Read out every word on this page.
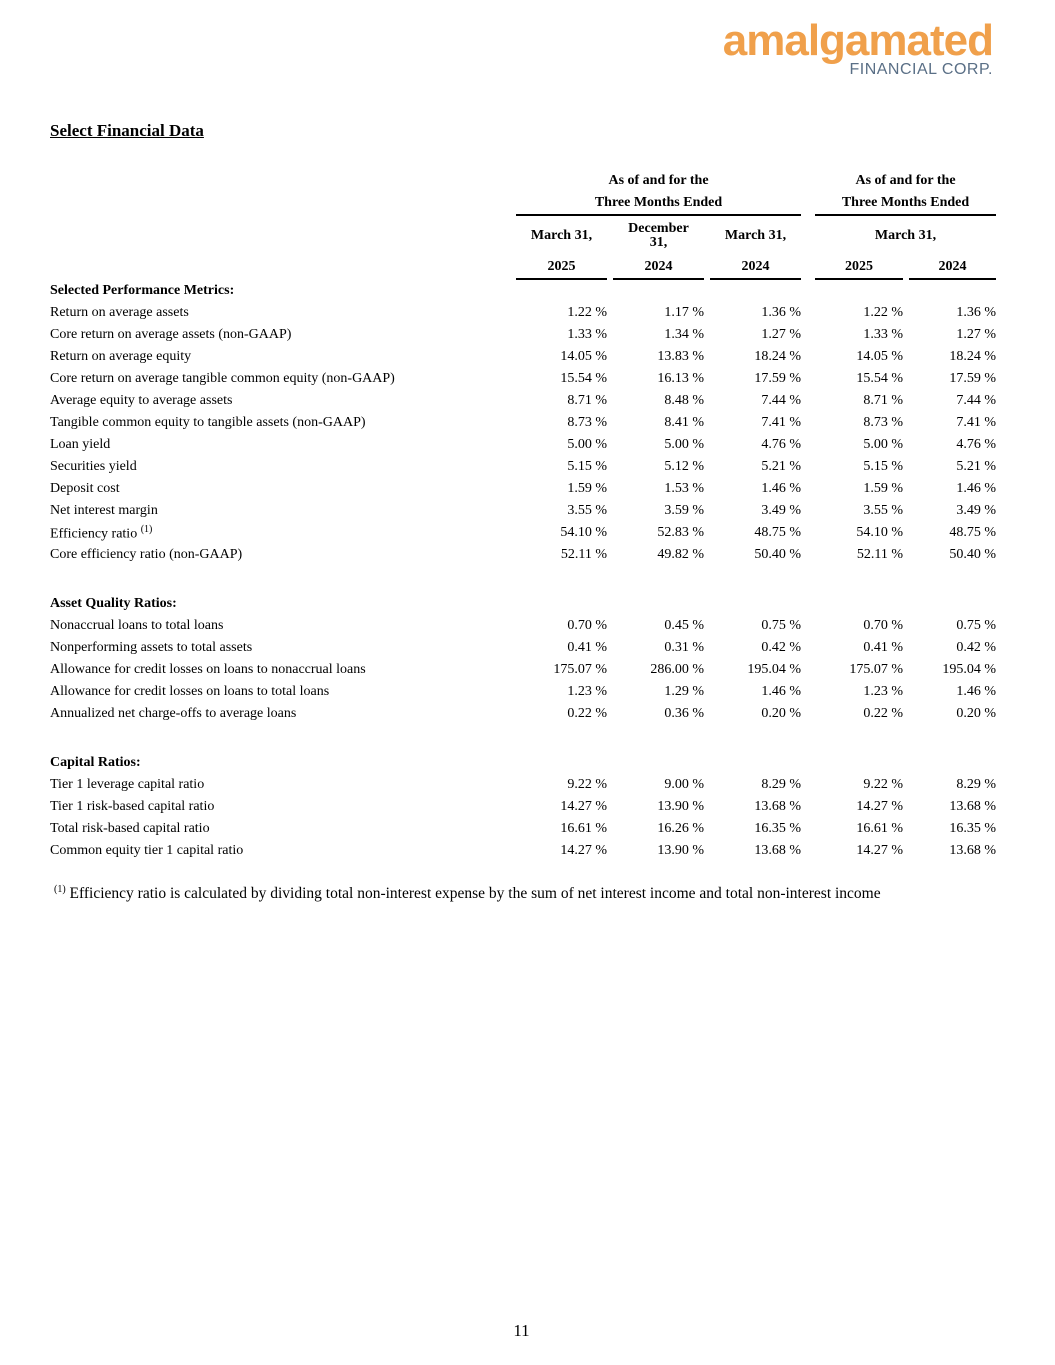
amalgamated
FINANCIAL CORP.
Select Financial Data
	As of and for the						As of and for the		
	Three Months Ended						Three Months Ended		
	March 31,		December 31,		March 31,		March 31,		
	2025		2024		2024		2025		2024
Selected Performance Metrics:									
Return on average assets	1.22 %		1.17 %		1.36 %		1.22 %		1.36 %
Core return on average assets (non-GAAP)	1.33 %		1.34 %		1.27 %		1.33 %		1.27 %
Return on average equity	14.05 %		13.83 %		18.24 %		14.05 %		18.24 %
Core return on average tangible common equity (non-GAAP)	15.54 %		16.13 %		17.59 %		15.54 %		17.59 %
Average equity to average assets	8.71 %		8.48 %		7.44 %		8.71 %		7.44 %
Tangible common equity to tangible assets (non-GAAP)	8.73 %		8.41 %		7.41 %		8.73 %		7.41 %
Loan yield	5.00 %		5.00 %		4.76 %		5.00 %		4.76 %
Securities yield	5.15 %		5.12 %		5.21 %		5.15 %		5.21 %
Deposit cost	1.59 %		1.53 %		1.46 %		1.59 %		1.46 %
Net interest margin	3.55 %		3.59 %		3.49 %		3.55 %		3.49 %
Efficiency ratio $^{(1)}$	54.10 %		52.83 %		48.75 %		54.10 %		48.75 %
Core efficiency ratio (non-GAAP)	52.11 %		49.82 %		50.40 %		52.11 %		50.40 %

Asset Quality Ratios:									
Nonaccrual loans to total loans	0.70 %		0.45 %		0.75 %		0.70 %		0.75 %
Nonperforming assets to total assets	0.41 %		0.31 %		0.42 %		0.41 %		0.42 %
Allowance for credit losses on loans to nonaccrual loans	175.07 %		286.00 %		195.04 %		175.07 %		195.04 %
Allowance for credit losses on loans to total loans	1.23 %		1.29 %		1.46 %		1.23 %		1.46 %
Annualized net charge-offs to average loans	0.22 %		0.36 %		0.20 %		0.22 %		0.20 %

Capital Ratios:									
Tier 1 leverage capital ratio	9.22 %		9.00 %		8.29 %		9.22 %		8.29 %
Tier 1 risk-based capital ratio	14.27 %		13.90 %		13.68 %		14.27 %		13.68 %
Total risk-based capital ratio	16.61 %		16.26 %		16.35 %		16.61 %		16.35 %
Common equity tier 1 capital ratio	14.27 %		13.90 %		13.68 %		14.27 %		13.68 %
$^{(1)}$ Efficiency ratio is calculated by dividing total non-interest expense by the sum of net interest income and total non-interest income
11
